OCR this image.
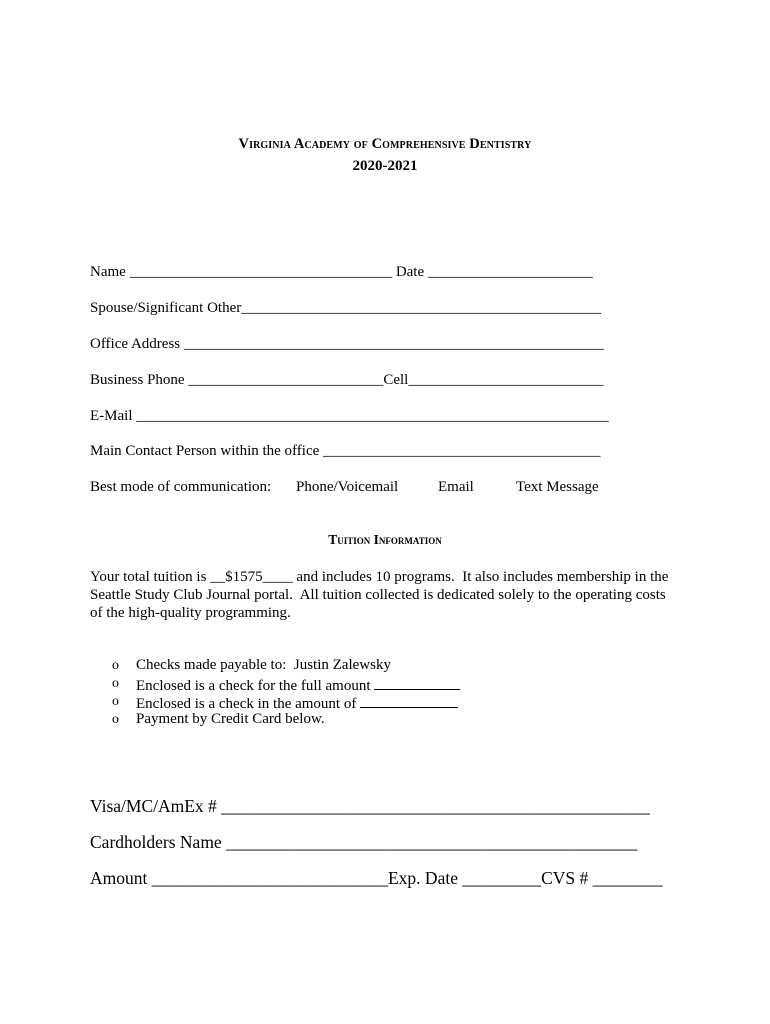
Virginia Academy of Comprehensive Dentistry
2020-2021
Name ___________________________________ Date ______________________
Spouse/Significant Other________________________________________________
Office Address ________________________________________________________
Business Phone __________________________Cell__________________________
E-Mail _______________________________________________________________
Main Contact Person within the office _____________________________________
Best mode of communication: Phone/Voicemail	Email	Text Message
Tuition Information
Your total tuition is __$1575____ and includes 10 programs.  It also includes membership in the
Seattle Study Club Journal portal.  All tuition collected is dedicated solely to the operating costs
of the high-quality programming.
o Checks made payable to:  Justin Zalewsky
o Enclosed is a check for the full amount
o Enclosed is a check in the amount of
o Payment by Credit Card below.
Visa/MC/AmEx # _________________________________________________
Cardholders Name _______________________________________________
Amount ___________________________Exp. Date _________CVS # ________
